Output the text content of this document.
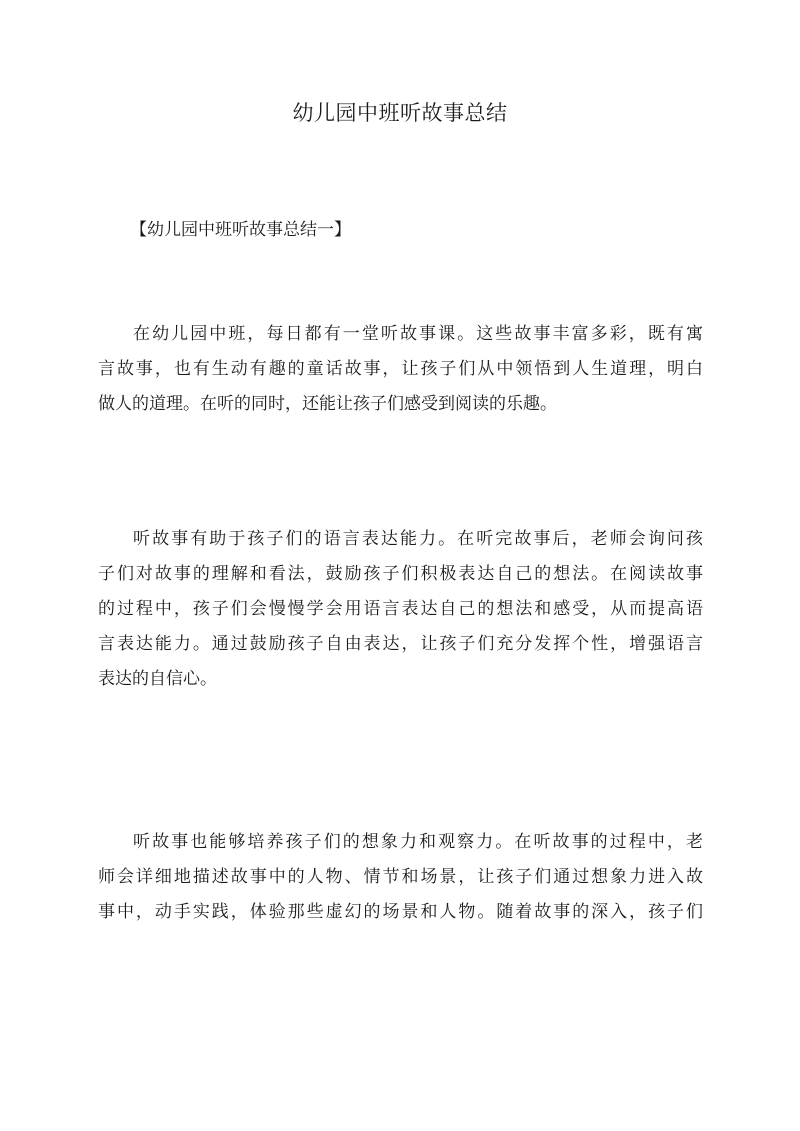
幼儿园中班听故事总结
【幼儿园中班听故事总结一】
在幼儿园中班，每日都有一堂听故事课。这些故事丰富多彩，既有寓
言故事，也有生动有趣的童话故事，让孩子们从中领悟到人生道理，明白
做人的道理。在听的同时，还能让孩子们感受到阅读的乐趣。
听故事有助于孩子们的语言表达能力。在听完故事后，老师会询问孩
子们对故事的理解和看法，鼓励孩子们积极表达自己的想法。在阅读故事
的过程中，孩子们会慢慢学会用语言表达自己的想法和感受，从而提高语
言表达能力。通过鼓励孩子自由表达，让孩子们充分发挥个性，增强语言
表达的自信心。
听故事也能够培养孩子们的想象力和观察力。在听故事的过程中，老
师会详细地描述故事中的人物、情节和场景，让孩子们通过想象力进入故
事中，动手实践，体验那些虚幻的场景和人物。随着故事的深入，孩子们
